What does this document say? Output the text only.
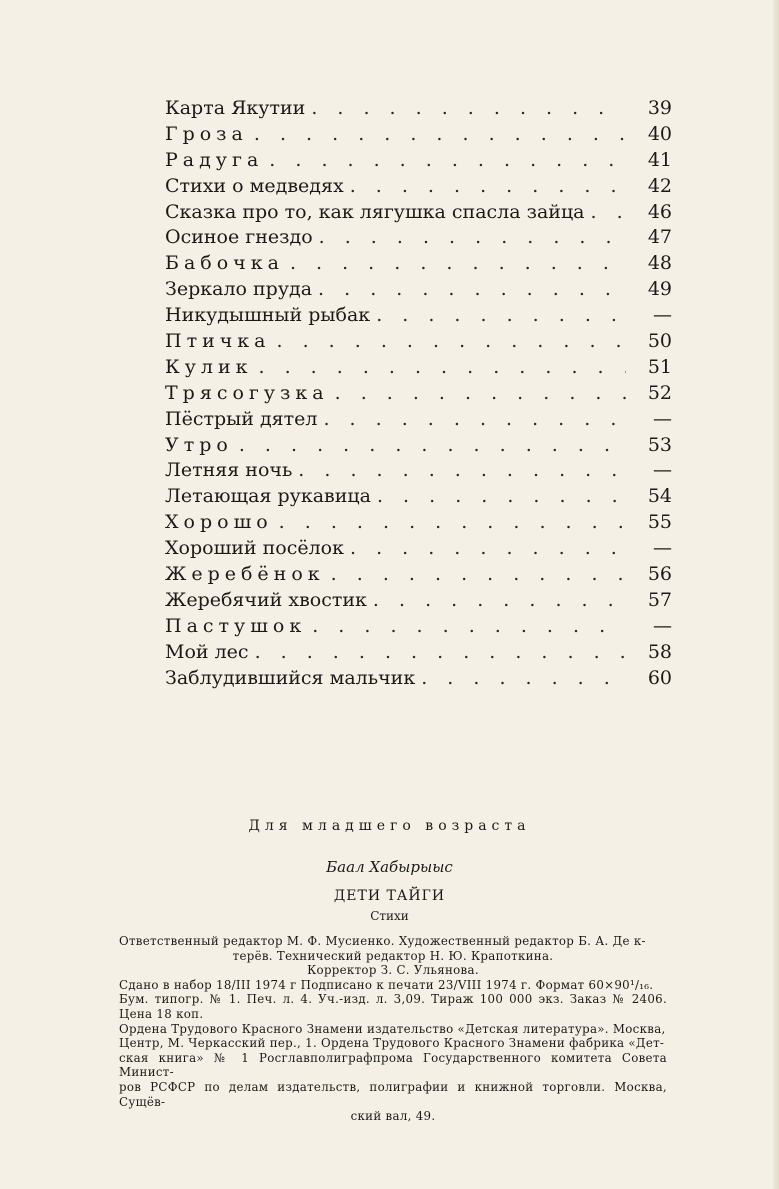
Карта Якутии . . .	39
Гроза . . .	40
Радуга . . .	41
Стихи о медведях . . .	42
Сказка про то, как лягушка спасла зайца . . .	46
Осиное гнездо . . .	47
Бабочка . . .	48
Зеркало пруда . . .	49
Никудышный рыбак . . .	—
Птичка . . .	50
Кулик . . .	51
Трясогузка . . .	52
Пёстрый дятел . . .	—
Утро . . .	53
Летняя ночь . . .	—
Летающая рукавица . . .	54
Хорошо . . .	55
Хороший посёлок . . .	—
Жеребёнок . . .	56
Жеребячий хвостик . . .	57
Пастушок . . .	—
Мой лес . . .	58
Заблудившийся мальчик . . .	60
Для младшего возраста
Баал Хабырыыс
ДЕТИ ТАЙГИ
Стихи

Ответственный редактор М. Ф. Мусиенко. Художественный редактор Б. А. Де к-

терёв. Технический редактор Н. Ю. Крапоткина.

Корректор З. С. Ульянова.

Сдано в набор 18/III 1974 г Подписано к печати 23/VIII 1974 г. Формат 60×90¹/₁₆.

Бум. типогр. № 1. Печ. л. 4. Уч.-изд. л. 3,09. Тираж 100 000 экз. Заказ № 2406. Цена 18 коп.

Ордена Трудового Красного Знамени издательство «Детская литература». Москва,

Центр, М. Черкасский пер., 1. Ордена Трудового Красного Знамени фабрика «Дет-

ская книга» № 1 Росглавполиграфпрома Государственного комитета Совета Минист-

ров РСФСР по делам издательств, полиграфии и книжной торговли. Москва, Сущёв-

ский вал, 49.
